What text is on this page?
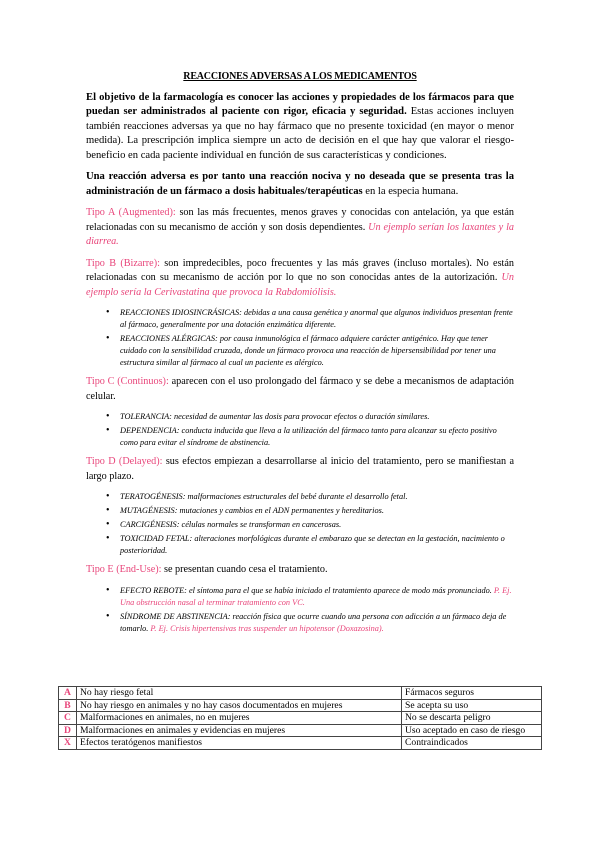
REACCIONES ADVERSAS A LOS MEDICAMENTOS

El objetivo de la farmacología es conocer las acciones y propiedades de los fármacos para que puedan ser administrados al paciente con rigor, eficacia y seguridad. Estas acciones incluyen también reacciones adversas ya que no hay fármaco que no presente toxicidad (en mayor o menor medida). La prescripción implica siempre un acto de decisión en el que hay que valorar el riesgo-beneficio en cada paciente individual en función de sus características y condiciones.

Una reacción adversa es por tanto una reacción nociva y no deseada que se presenta tras la administración de un fármaco a dosis habituales/terapéuticas en la especia humana.

Tipo A (Augmented): son las más frecuentes, menos graves y conocidas con antelación, ya que están relacionadas con su mecanismo de acción y son dosis dependientes. Un ejemplo serían los laxantes y la diarrea.

Tipo B (Bizarre): son impredecibles, poco frecuentes y las más graves (incluso mortales). No están relacionadas con su mecanismo de acción por lo que no son conocidas antes de la autorización. Un ejemplo sería la Cerivastatina que provoca la Rabdomiólisis.

• REACCIONES IDIOSINCRÁSICAS: debidas a una causa genética y anormal que algunos individuos presentan frente al fármaco, generalmente por una dotación enzimática diferente.
• REACCIONES ALÉRGICAS: por causa inmunológica el fármaco adquiere carácter antigénico. Hay que tener cuidado con la sensibilidad cruzada, donde un fármaco provoca una reacción de hipersensibilidad por tener una estructura similar al fármaco al cual un paciente es alérgico.

Tipo C (Continuos): aparecen con el uso prolongado del fármaco y se debe a mecanismos de adaptación celular.

• TOLERANCIA: necesidad de aumentar las dosis para provocar efectos o duración similares.
• DEPENDENCIA: conducta inducida que lleva a la utilización del fármaco tanto para alcanzar su efecto positivo como para evitar el síndrome de abstinencia.

Tipo D (Delayed): sus efectos empiezan a desarrollarse al inicio del tratamiento, pero se manifiestan a largo plazo.

• TERATOGÉNESIS: malformaciones estructurales del bebé durante el desarrollo fetal.
• MUTAGÉNESIS: mutaciones y cambios en el ADN permanentes y hereditarios.
• CARCIGÉNESIS: células normales se transforman en cancerosas.
• TOXICIDAD FETAL: alteraciones morfológicas durante el embarazo que se detectan en la gestación, nacimiento o posterioridad.

Tipo E (End-Use): se presentan cuando cesa el tratamiento.

• EFECTO REBOTE: el síntoma para el que se había iniciado el tratamiento aparece de modo más pronunciado. P. Ej. Una obstrucción nasal al terminar tratamiento con VC.
• SÍNDROME DE ABSTINENCIA: reacción física que ocurre cuando una persona con adicción a un fármaco deja de tomarlo. P. Ej. Crisis hipertensivas tras suspender un hipotensor (Doxazosina).
A	No hay riesgo fetal	Fármacos seguros
B	No hay riesgo en animales y no hay casos documentados en mujeres	Se acepta su uso
C	Malformaciones en animales, no en mujeres	No se descarta peligro
D	Malformaciones en animales y evidencias en mujeres	Uso aceptado en caso de riesgo
X	Efectos teratógenos manifiestos	Contraindicados
